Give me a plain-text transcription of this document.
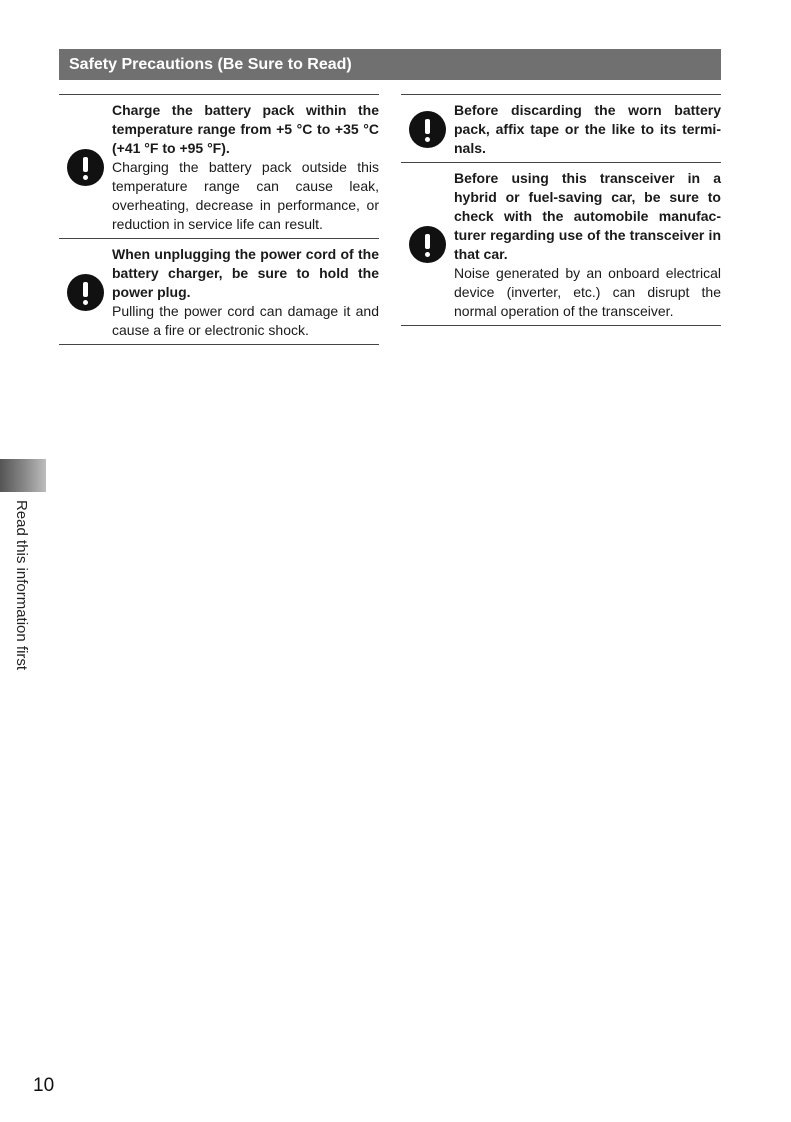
Safety Precautions (Be Sure to Read)
Charge the battery pack within the temperature range from +5 °C to +35 °C (+41 °F to +95 °F).
Charging the battery pack outside this temperature range can cause leak, overheating, decrease in performance, or reduction in service life can result.
When unplugging the power cord of the battery charger, be sure to hold the power plug.
Pulling the power cord can damage it and cause a fire or electronic shock.
Before discarding the worn battery pack, affix tape or the like to its terminals.
Before using this transceiver in a hybrid or fuel-saving car, be sure to check with the automobile manufacturer regarding use of the transceiver in that car.
Noise generated by an onboard electrical device (inverter, etc.) can disrupt the normal operation of the transceiver.
Read this information first
10
